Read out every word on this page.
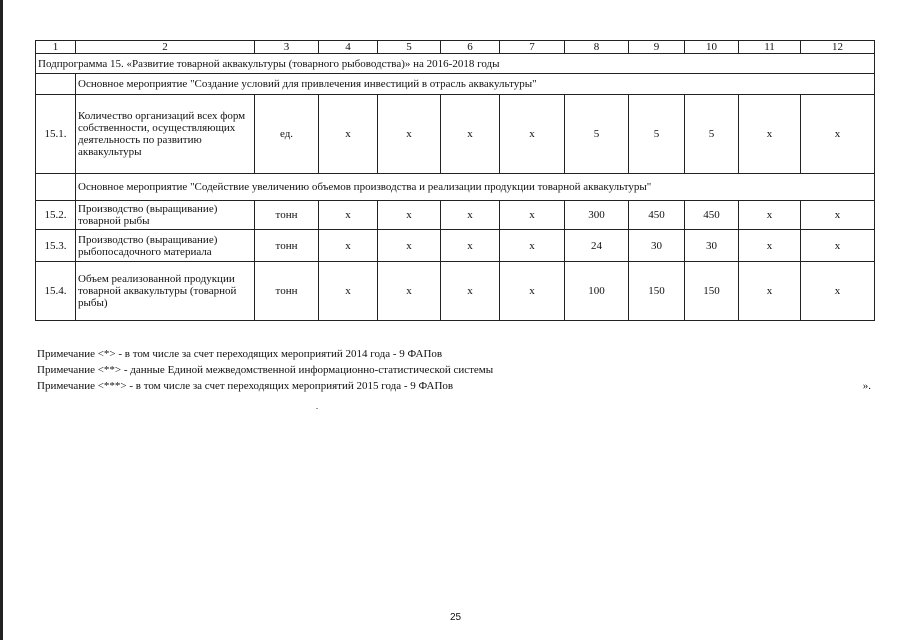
1	2	3	4	5	6	7	8	9	10	11	12
Подпрограмма 15. «Развитие товарной аквакультуры (товарного рыбоводства)» на 2016-2018 годы											
	Основное мероприятие "Создание условий для привлечения инвестиций в отрасль аквакультуры"										
15.1.	Количество организаций всех форм собственности, осуществляющих деятельность по развитию аквакультуры	ед.	х	х	х	х	5	5	5	х	х
	Основное мероприятие "Содействие увеличению объемов производства и реализации продукции товарной аквакультуры"										
15.2.	Производство (выращивание) товарной рыбы	тонн	х	х	х	х	300	450	450	х	х
15.3.	Производство (выращивание) рыбопосадочного материала	тонн	х	х	х	х	24	30	30	х	х
15.4.	Объем реализованной продукции товарной аквакультуры (товарной рыбы)	тонн	х	х	х	х	100	150	150	х	х
Примечание <*> - в том числе за счет переходящих мероприятий 2014 года - 9 ФАПов
Примечание <**> - данные Единой межведомственной информационно-статистической системы
Примечание <***> - в том числе за счет переходящих мероприятий 2015 года - 9 ФАПов	».
25
